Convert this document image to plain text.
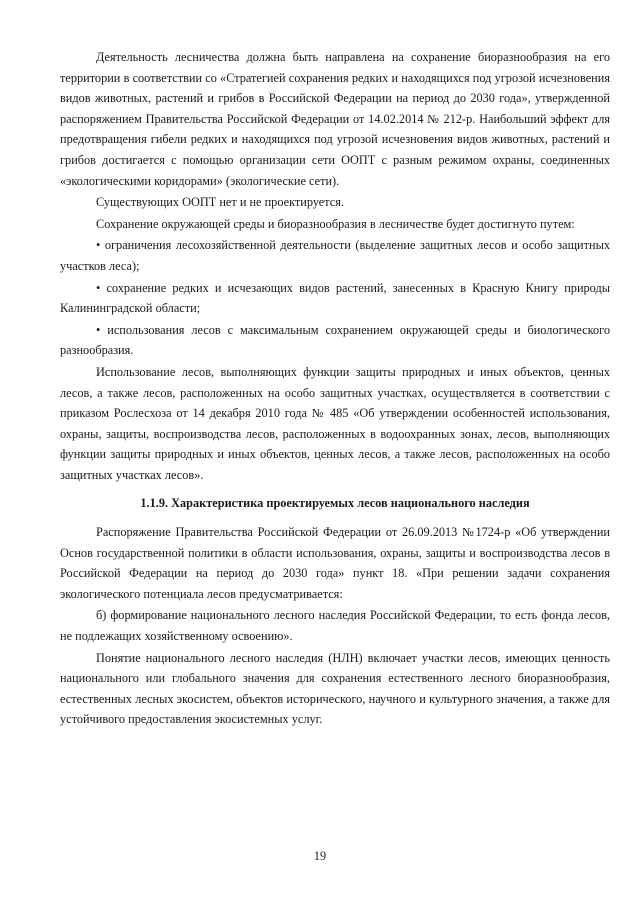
Деятельность лесничества должна быть направлена на сохранение биоразнообразия на его территории в соответствии со «Стратегией сохранения редких и находящихся под угрозой исчезновения видов животных, растений и грибов в Российской Федерации на период до 2030 года», утвержденной распоряжением Правительства Российской Федерации от 14.02.2014 № 212-р. Наибольший эффект для предотвращения гибели редких и находящихся под угрозой исчезновения видов животных, растений и грибов достигается с помощью организации сети ООПТ с разным режимом охраны, соединенных «экологическими коридорами» (экологические сети).

Существующих ООПТ нет и не проектируется.

Сохранение окружающей среды и биоразнообразия в лесничестве будет достигнуто путем:

• ограничения лесохозяйственной деятельности (выделение защитных лесов и особо защитных участков леса);

• сохранение редких и исчезающих видов растений, занесенных в Красную Книгу природы Калининградской области;

• использования лесов с максимальным сохранением окружающей среды и биологического разнообразия.

Использование лесов, выполняющих функции защиты природных и иных объектов, ценных лесов, а также лесов, расположенных на особо защитных участках, осуществляется в соответствии с приказом Рослесхоза от 14 декабря 2010 года № 485 «Об утверждении особенностей использования, охраны, защиты, воспроизводства лесов, расположенных в водоохранных зонах, лесов, выполняющих функции защиты природных и иных объектов, ценных лесов, а также лесов, расположенных на особо защитных участках лесов».

1.1.9. Характеристика проектируемых лесов национального наследия

Распоряжение Правительства Российской Федерации от 26.09.2013 №1724-р «Об утверждении Основ государственной политики в области использования, охраны, защиты и воспроизводства лесов в Российской Федерации на период до 2030 года» пункт 18. «При решении задачи сохранения экологического потенциала лесов предусматривается:

б) формирование национального лесного наследия Российской Федерации, то есть фонда лесов, не подлежащих хозяйственному освоению».

Понятие национального лесного наследия (НЛН) включает участки лесов, имеющих ценность национального или глобального значения для сохранения естественного лесного биоразнообразия, естественных лесных экосистем, объектов исторического, научного и культурного значения, а также для устойчивого предоставления экосистемных услуг.

19
